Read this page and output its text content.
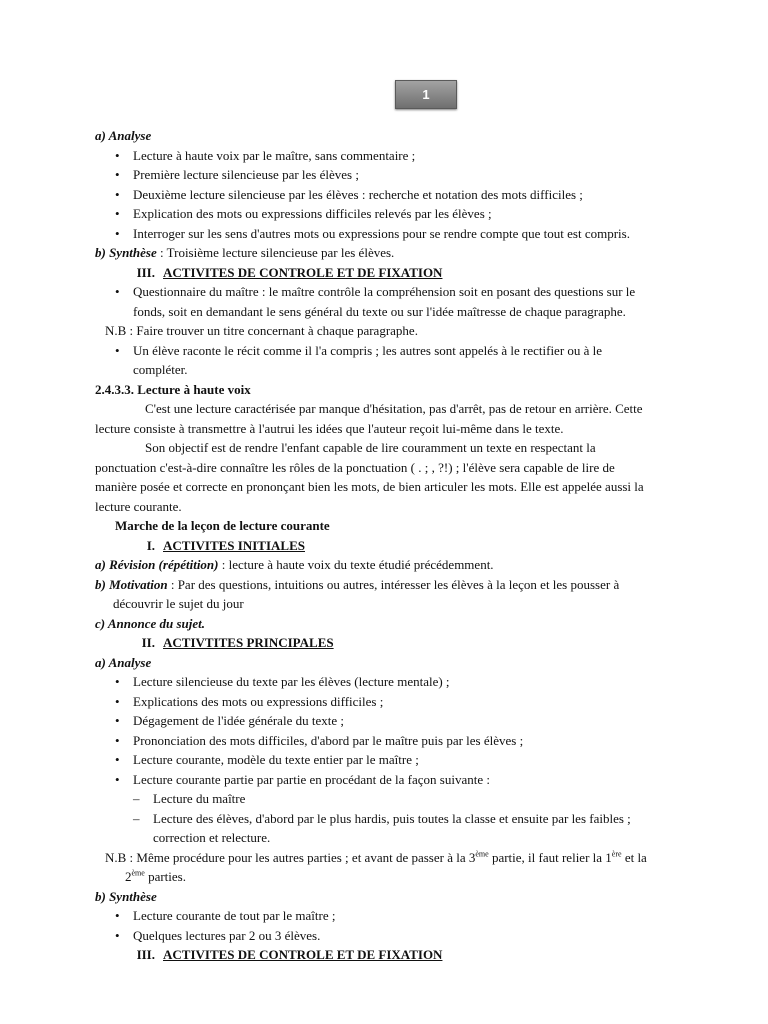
1
a) Analyse
• Lecture à haute voix par le maître, sans commentaire ;
• Première lecture silencieuse par les élèves ;
• Deuxième lecture silencieuse par les élèves : recherche et notation des mots difficiles ;
• Explication des mots ou expressions difficiles relevés par les élèves ;
• Interroger sur les sens d'autres mots ou expressions pour se rendre compte que tout est compris.
b) Synthèse : Troisième lecture silencieuse par les élèves.
III. ACTIVITES DE CONTROLE ET DE FIXATION
• Questionnaire du maître : le maître contrôle la compréhension soit en posant des questions sur le
fonds, soit en demandant le sens général du texte ou sur l'idée maîtresse de chaque paragraphe.
N.B : Faire trouver un titre concernant à chaque paragraphe.
• Un élève raconte le récit comme il l'a compris ; les autres sont appelés à le rectifier ou à le
compléter.
2.4.3.3. Lecture à haute voix
C'est une lecture caractérisée par manque d'hésitation, pas d'arrêt, pas de retour en arrière. Cette
lecture consiste à transmettre à l'autrui les idées que l'auteur reçoit lui-même dans le texte.
Son objectif est de rendre l'enfant capable de lire couramment un texte en respectant la
ponctuation c'est-à-dire connaître les rôles de la ponctuation ( . ; , ?!) ; l'élève sera capable de lire de
manière posée et correcte en prononçant bien les mots, de bien articuler les mots. Elle est appelée aussi la
lecture courante.
Marche de la leçon de lecture courante
I. ACTIVITES INITIALES
a) Révision (répétition) : lecture à haute voix du texte étudié précédemment.
b) Motivation : Par des questions, intuitions ou autres, intéresser les élèves à la leçon et les pousser à
découvrir le sujet du jour
c) Annonce du sujet.
II. ACTIVTITES PRINCIPALES
a) Analyse
• Lecture silencieuse du texte par les élèves (lecture mentale) ;
• Explications des mots ou expressions difficiles ;
• Dégagement de l'idée générale du texte ;
• Prononciation des mots difficiles, d'abord par le maître puis par les élèves ;
• Lecture courante, modèle du texte entier par le maître ;
• Lecture courante partie par partie en procédant de la façon suivante :
– Lecture du maître
– Lecture des élèves, d'abord par le plus hardis, puis toutes la classe et ensuite par les faibles ;
correction et relecture.
N.B : Même procédure pour les autres parties ; et avant de passer à la 3ème partie, il faut relier la 1ère et la
2ème parties.
b) Synthèse
• Lecture courante de tout par le maître ;
• Quelques lectures par 2 ou 3 élèves.
III. ACTIVITES DE CONTROLE ET DE FIXATION
